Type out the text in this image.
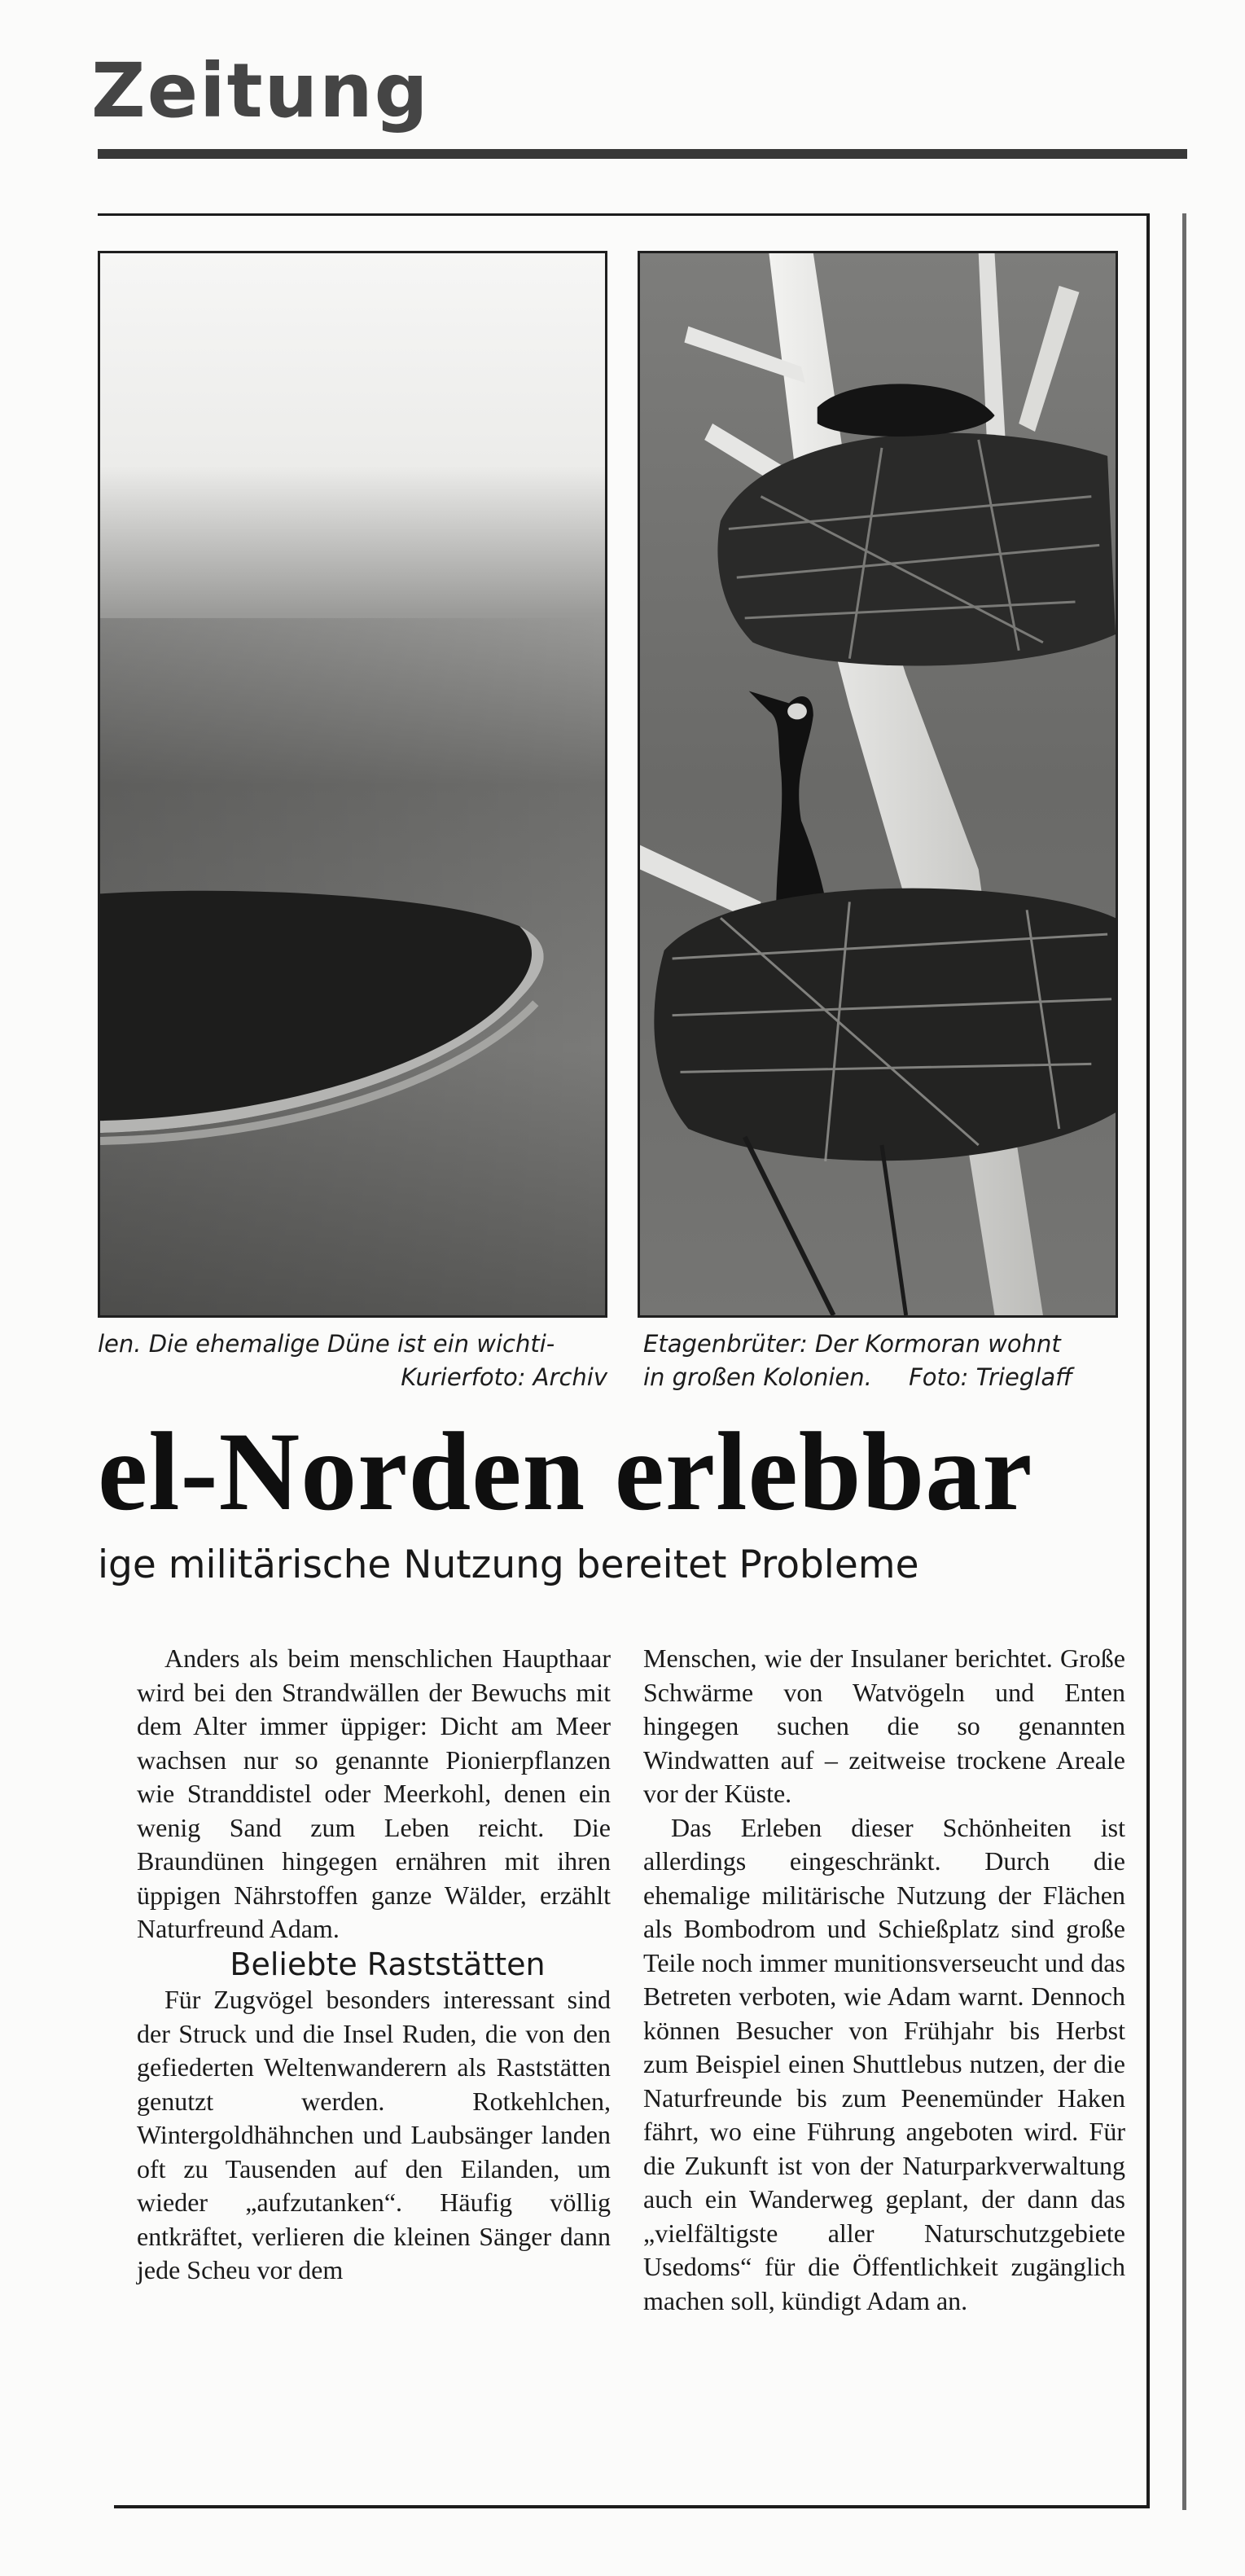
Zeitung
len. Die ehemalige Düne ist ein wichti-
Kurierfoto: Archiv
Etagenbrüter: Der Kormoran wohnt
in großen Kolonien. Foto: Trieglaff
el-Norden erlebbar
ige militärische Nutzung bereitet Probleme

Anders als beim menschlichen Haupthaar wird bei den Strandwällen der Bewuchs mit dem Alter immer üppiger: Dicht am Meer wachsen nur so genannte Pionierpflanzen wie Stranddistel oder Meerkohl, denen ein wenig Sand zum Leben reicht. Die Braundünen hingegen ernähren mit ihren üppigen Nährstoffen ganze Wälder, erzählt Naturfreund Adam.

Beliebte Raststätten

Für Zugvögel besonders interessant sind der Struck und die Insel Ruden, die von den gefiederten Weltenwanderern als Raststätten genutzt werden. Rotkehlchen, Wintergoldhähnchen und Laubsänger landen oft zu Tausenden auf den Eilanden, um wieder „aufzutanken“. Häufig völlig entkräftet, verlieren die kleinen Sänger dann jede Scheu vor dem

Menschen, wie der Insulaner berichtet. Große Schwärme von Watvögeln und Enten hingegen suchen die so genannten Windwatten auf – zeitweise trockene Areale vor der Küste.

Das Erleben dieser Schönheiten ist allerdings eingeschränkt. Durch die ehemalige militärische Nutzung der Flächen als Bombodrom und Schießplatz sind große Teile noch immer munitionsverseucht und das Betreten verboten, wie Adam warnt. Dennoch können Besucher von Frühjahr bis Herbst zum Beispiel einen Shuttlebus nutzen, der die Naturfreunde bis zum Peenemünder Haken fährt, wo eine Führung angeboten wird. Für die Zukunft ist von der Naturparkverwaltung auch ein Wanderweg geplant, der dann das „vielfältigste aller Naturschutzgebiete Usedoms“ für die Öffentlichkeit zugänglich machen soll, kündigt Adam an.
